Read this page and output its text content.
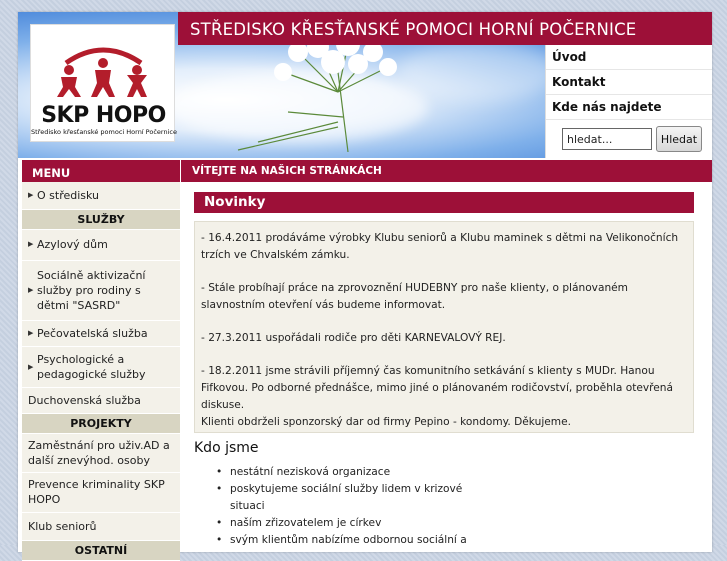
STŘEDISKO KŘESŤANSKÉ POMOCI HORNÍ POČERNICE
SKP HOPO
Středisko křesťanské pomoci Horní Počernice
Úvod
Kontakt
Kde nás najdete
hledat...
Hledat
MENU
▶ O středisku
SLUŽBY
▶ Azylový dům
▶
Sociálně aktivizační služby pro rodiny s dětmi "SASRD"
▶ Pečovatelská služba
▶
Psychologické a pedagogické služby
Duchovenská služba
PROJEKTY
Zaměstnání pro uživ.AD a další znevýhod. osoby
Prevence kriminality SKP HOPO
Klub seniorů
OSTATNÍ
VÍTEJTE NA NAŠICH STRÁNKÁCH
Novinky

- 16.4.2011 prodáváme výrobky Klubu seniorů a Klubu maminek s dětmi na Velikonočních trzích ve Chvalském zámku.

- Stále probíhají práce na zprovoznění HUDEBNY pro naše klienty, o plánovaném slavnostním otevření vás budeme informovat.

- 27.3.2011 uspořádali rodiče pro děti KARNEVALOVÝ REJ.

- 18.2.2011 jsme strávili příjemný čas komunitního setkávání s klienty s MUDr. Hanou Fifkovou. Po odborné přednášce, mimo jiné o plánovaném rodičovství, proběhla otevřená diskuse.

Klienti obdrželi sponzorský dar od firmy Pepino - kondomy. Děkujeme.

Kdo jsme
• nestátní nezisková organizace
• poskytujeme sociální služby lidem v krizové situaci
• naším zřizovatelem je církev
• svým klientům nabízíme odbornou sociální a
